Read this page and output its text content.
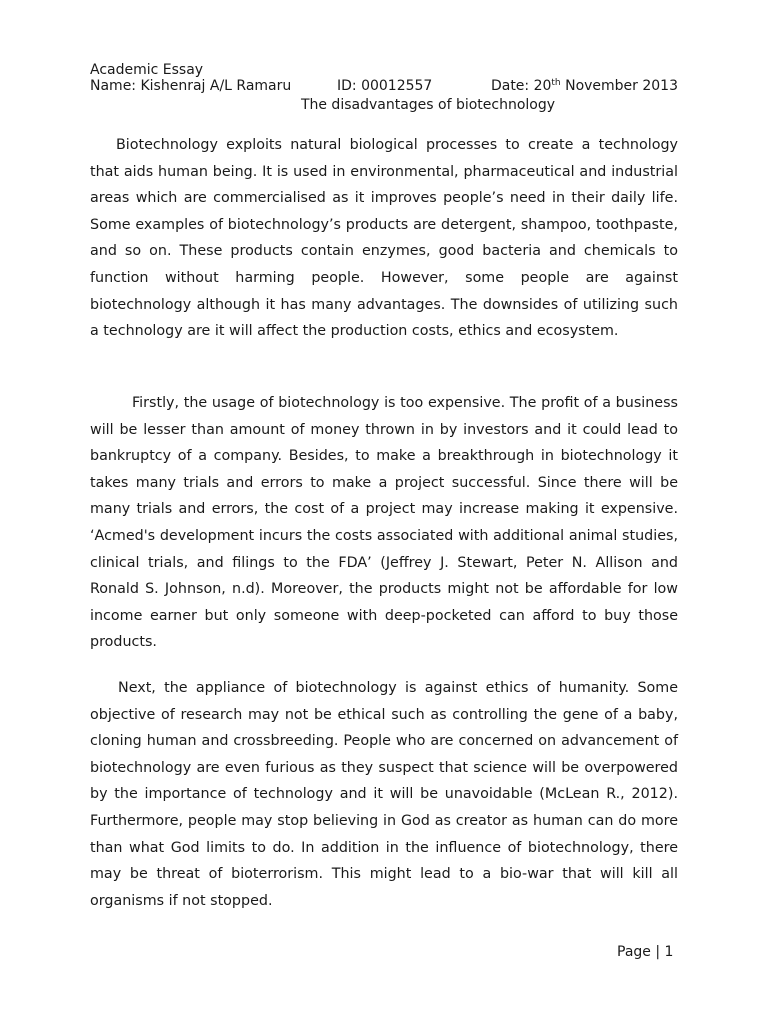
Academic Essay
Name: Kishenraj A/L Ramaru	ID: 00012557	Date: 20th November 2013
The disadvantages of biotechnology

Biotechnology exploits natural biological processes to create a technology that aids human being. It is used in environmental, pharmaceutical and industrial areas which are commercialised as it improves people’s need in their daily life. Some examples of biotechnology’s products are detergent, shampoo, toothpaste, and so on. These products contain enzymes, good bacteria and chemicals to function without harming people. However, some people are against biotechnology although it has many advantages. The downsides of utilizing such a technology are it will affect the production costs, ethics and ecosystem.

Firstly, the usage of biotechnology is too expensive. The profit of a business will be lesser than amount of money thrown in by investors and it could lead to bankruptcy of a company. Besides, to make a breakthrough in biotechnology it takes many trials and errors to make a project successful. Since there will be many trials and errors, the cost of a project may increase making it expensive. ‘Acmed's development incurs the costs associated with additional animal studies, clinical trials, and filings to the FDA’ (Jeffrey J. Stewart, Peter N. Allison and Ronald S. Johnson, n.d). Moreover, the products might not be affordable for low income earner but only someone with deep-pocketed can afford to buy those products.

Next, the appliance of biotechnology is against ethics of humanity. Some objective of research may not be ethical such as controlling the gene of a baby, cloning human and crossbreeding. People who are concerned on advancement of biotechnology are even furious as they suspect that science will be overpowered by the importance of technology and it will be unavoidable (McLean R., 2012). Furthermore, people may stop believing in God as creator as human can do more than what God limits to do. In addition in the influence of biotechnology, there may be threat of bioterrorism. This might lead to a bio-war that will kill all organisms if not stopped.

Page | 1
